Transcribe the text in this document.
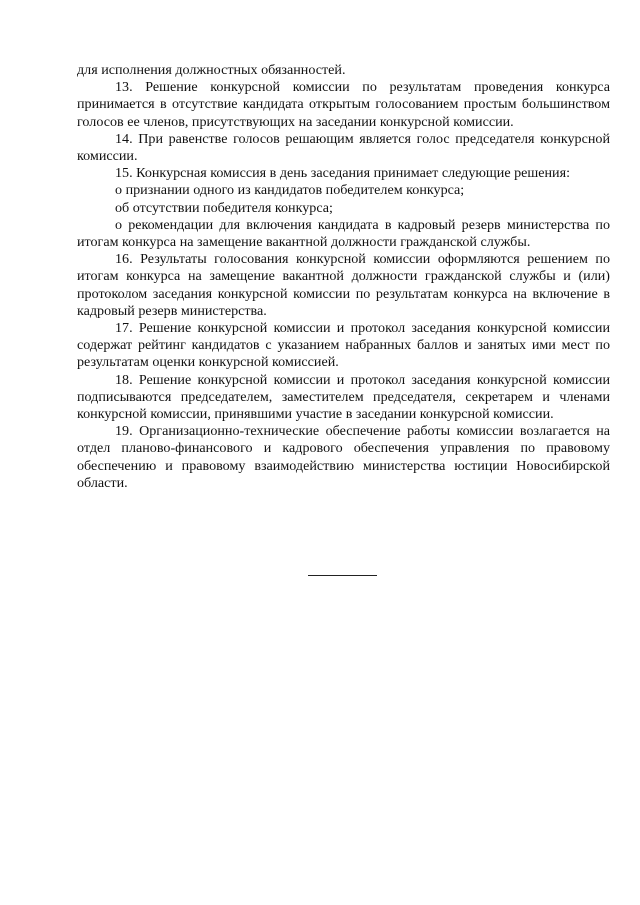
для исполнения должностных обязанностей.

13. Решение конкурсной комиссии по результатам проведения конкурса принимается в отсутствие кандидата открытым голосованием простым большинством голосов ее членов, присутствующих на заседании конкурсной комиссии.

14. При равенстве голосов решающим является голос председателя конкурсной комиссии.

15. Конкурсная комиссия в день заседания принимает следующие решения:

о признании одного из кандидатов победителем конкурса;

об отсутствии победителя конкурса;

о рекомендации для включения кандидата в кадровый резерв министерства по итогам конкурса на замещение вакантной должности гражданской службы.

16. Результаты голосования конкурсной комиссии оформляются решением по итогам конкурса на замещение вакантной должности гражданской службы и (или) протоколом заседания конкурсной комиссии по результатам конкурса на включение в кадровый резерв министерства.

17. Решение конкурсной комиссии и протокол заседания конкурсной комиссии содержат рейтинг кандидатов с указанием набранных баллов и занятых ими мест по результатам оценки конкурсной комиссией.

18. Решение конкурсной комиссии и протокол заседания конкурсной комиссии подписываются председателем, заместителем председателя, секретарем и членами конкурсной комиссии, принявшими участие в заседании конкурсной комиссии.

19. Организационно-технические обеспечение работы комиссии возлагается на отдел планово-финансового и кадрового обеспечения управления по правовому обеспечению и правовому взаимодействию министерства юстиции Новосибирской области.
